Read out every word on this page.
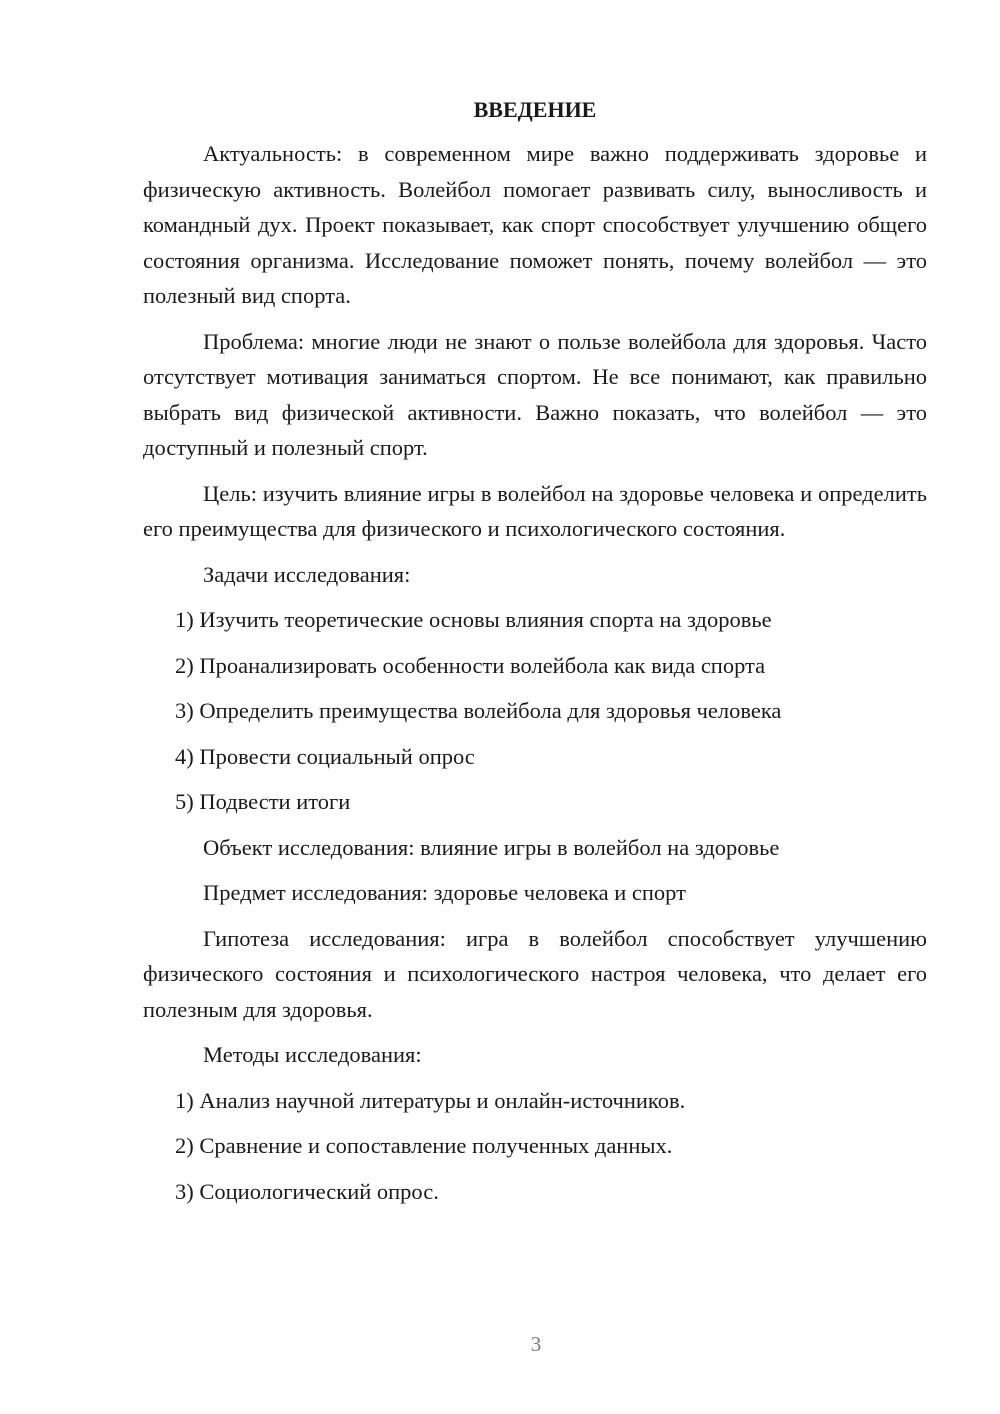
ВВЕДЕНИЕ
Актуальность: в современном мире важно поддерживать здоровье и физическую активность. Волейбол помогает развивать силу, выносливость и командный дух. Проект показывает, как спорт способствует улучшению общего состояния организма. Исследование поможет понять, почему волейбол — это полезный вид спорта.
Проблема: многие люди не знают о пользе волейбола для здоровья. Часто отсутствует мотивация заниматься спортом. Не все понимают, как правильно выбрать вид физической активности. Важно показать, что волейбол — это доступный и полезный спорт.
Цель: изучить влияние игры в волейбол на здоровье человека и определить его преимущества для физического и психологического состояния.
Задачи исследования:
1) Изучить теоретические основы влияния спорта на здоровье
2) Проанализировать особенности волейбола как вида спорта
3) Определить преимущества волейбола для здоровья человека
4) Провести социальный опрос
5) Подвести итоги
Объект исследования: влияние игры в волейбол на здоровье
Предмет исследования: здоровье человека и спорт
Гипотеза исследования: игра в волейбол способствует улучшению физического состояния и психологического настроя человека, что делает его полезным для здоровья.
Методы исследования:
1) Анализ научной литературы и онлайн-источников.
2) Сравнение и сопоставление полученных данных.
3) Социологический опрос.
3
